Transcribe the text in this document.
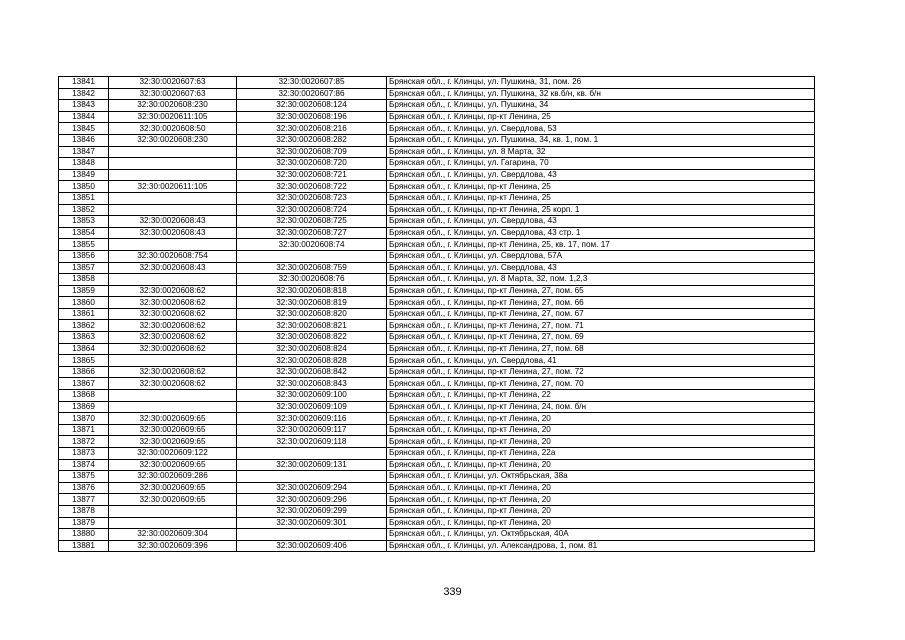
13841	32:30:0020607:63	32:30:0020607:85	Брянская обл., г. Клинцы, ул. Пушкина, 31, пом. 26
13842	32:30:0020607:63	32:30:0020607:86	Брянская обл., г. Клинцы, ул. Пушкина, 32 кв.б/н, кв. б/н
13843	32:30:0020608:230	32:30:0020608:124	Брянская обл., г. Клинцы, ул. Пушкина, 34
13844	32:30:0020611:105	32:30:0020608:196	Брянская обл., г. Клинцы, пр-кт Ленина, 25
13845	32:30:0020608:50	32:30:0020608:216	Брянская обл., г. Клинцы, ул. Свердлова, 53
13846	32:30:0020608:230	32:30:0020608:282	Брянская обл., г. Клинцы, ул. Пушкина, 34, кв. 1, пом. 1
13847		32:30:0020608:709	Брянская обл., г. Клинцы, ул. 8 Марта, 32
13848		32:30:0020608:720	Брянская обл., г. Клинцы, ул. Гагарина, 70
13849		32:30:0020608:721	Брянская обл., г. Клинцы, ул. Свердлова, 43
13850	32:30:0020611:105	32:30:0020608:722	Брянская обл., г. Клинцы, пр-кт Ленина, 25
13851		32:30:0020608:723	Брянская обл., г. Клинцы, пр-кт Ленина, 25
13852		32:30:0020608:724	Брянская обл., г. Клинцы, пр-кт Ленина, 25 корп. 1
13853	32:30:0020608:43	32:30:0020608:725	Брянская обл., г. Клинцы, ул. Свердлова, 43
13854	32:30:0020608:43	32:30:0020608:727	Брянская обл., г. Клинцы, ул. Свердлова, 43 стр. 1
13855		32:30:0020608:74	Брянская обл., г. Клинцы, пр-кт Ленина, 25, кв. 17, пом. 17
13856	32:30:0020608:754		Брянская обл., г. Клинцы, ул. Свердлова, 57А
13857	32:30:0020608:43	32:30:0020608:759	Брянская обл., г. Клинцы, ул. Свердлова, 43
13858		32:30:0020608:76	Брянская обл., г. Клинцы, ул. 8 Марта, 32, пом. 1,2,3
13859	32:30:0020608:62	32:30:0020608:818	Брянская обл., г. Клинцы, пр-кт Ленина, 27, пом. 65
13860	32:30:0020608:62	32:30:0020608:819	Брянская обл., г. Клинцы, пр-кт Ленина, 27, пом. 66
13861	32:30:0020608:62	32:30:0020608:820	Брянская обл., г. Клинцы, пр-кт Ленина, 27, пом. 67
13862	32:30:0020608:62	32:30:0020608:821	Брянская обл., г. Клинцы, пр-кт Ленина, 27, пом. 71
13863	32:30:0020608:62	32:30:0020608:822	Брянская обл., г. Клинцы, пр-кт Ленина, 27, пом. 69
13864	32:30:0020608:62	32:30:0020608:824	Брянская обл., г. Клинцы, пр-кт Ленина, 27, пом. 68
13865		32:30:0020608:828	Брянская обл., г. Клинцы, ул. Свердлова, 41
13866	32:30:0020608:62	32:30:0020608:842	Брянская обл., г. Клинцы, пр-кт Ленина, 27, пом. 72
13867	32:30:0020608:62	32:30:0020608:843	Брянская обл., г. Клинцы, пр-кт Ленина, 27, пом. 70
13868		32:30:0020609:100	Брянская обл., г. Клинцы, пр-кт Ленина, 22
13869		32:30:0020609:109	Брянская обл., г. Клинцы, пр-кт Ленина, 24, пом. б/н
13870	32:30:0020609:65	32:30:0020609:116	Брянская обл., г. Клинцы, пр-кт Ленина, 20
13871	32:30:0020609:65	32:30:0020609:117	Брянская обл., г. Клинцы, пр-кт Ленина, 20
13872	32:30:0020609:65	32:30:0020609:118	Брянская обл., г. Клинцы, пр-кт Ленина, 20
13873	32:30:0020609:122		Брянская обл., г. Клинцы, пр-кт Ленина, 22а
13874	32:30:0020609:65	32:30:0020609:131	Брянская обл., г. Клинцы, пр-кт Ленина, 20
13875	32:30:0020609:286		Брянская обл., г. Клинцы, ул. Октябрьская, 38а
13876	32:30:0020609:65	32:30:0020609:294	Брянская обл., г. Клинцы, пр-кт Ленина, 20
13877	32:30:0020609:65	32:30:0020609:296	Брянская обл., г. Клинцы, пр-кт Ленина, 20
13878		32:30:0020609:299	Брянская обл., г. Клинцы, пр-кт Ленина, 20
13879		32:30:0020609:301	Брянская обл., г. Клинцы, пр-кт Ленина, 20
13880	32:30:0020609:304		Брянская обл., г. Клинцы, ул. Октябрьская, 40А
13881	32:30:0020609:396	32:30:0020609:406	Брянская обл., г. Клинцы, ул. Александрова, 1, пом. 81
339
